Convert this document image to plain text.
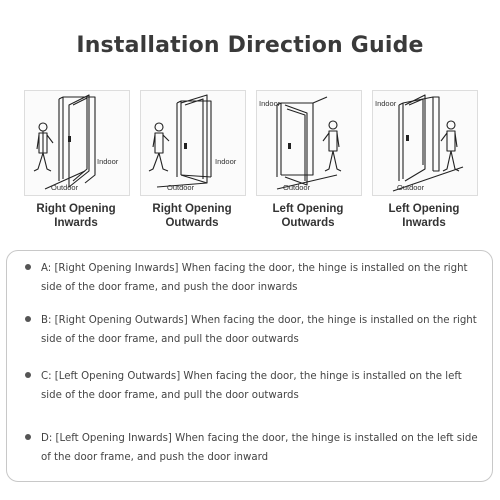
Installation Direction Guide
Indoor
Outdoor
Right Opening
Inwards
Indoor
Outdoor
Right Opening
Outwards
Indoor
Outdoor
Left Opening
Outwards
Indoor
Outdoor
Left Opening
Inwards
A: [Right Opening Inwards] When facing the door, the hinge is installed on the right side of the door frame, and push the door inwards
B: [Right Opening Outwards] When facing the door, the hinge is installed on the right side of the door frame, and pull the door outwards
C: [Left Opening Outwards] When facing the door, the hinge is installed on the left side of the door frame, and pull the door outwards
D: [Left Opening Inwards] When facing the door, the hinge is installed on the left side of the door frame, and push the door inward
